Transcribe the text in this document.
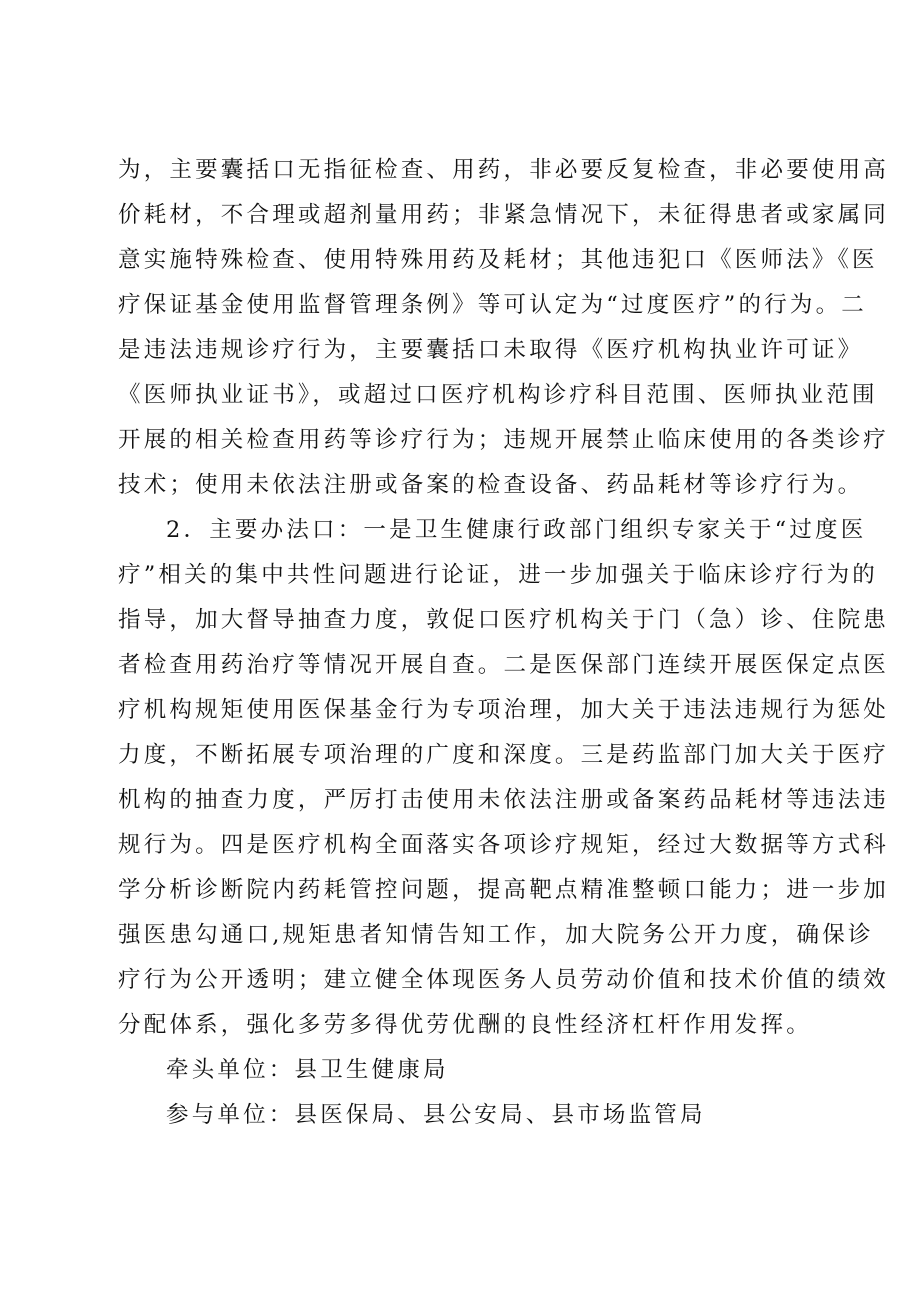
为，主要囊括口无指征检查、用药，非必要反复检查，非必要使用高
价耗材，不合理或超剂量用药；非紧急情况下，未征得患者或家属同
意实施特殊检查、使用特殊用药及耗材；其他违犯口《医师法》《医
疗保证基金使用监督管理条例》等可认定为“过度医疗”的行为。二
是违法违规诊疗行为，主要囊括口未取得《医疗机构执业许可证》
《医师执业证书》，或超过口医疗机构诊疗科目范围、医师执业范围
开展的相关检查用药等诊疗行为；违规开展禁止临床使用的各类诊疗
技术；使用未依法注册或备案的检查设备、药品耗材等诊疗行为。
2．主要办法口：一是卫生健康行政部门组织专家关于“过度医
疗”相关的集中共性问题进行论证，进一步加强关于临床诊疗行为的
指导，加大督导抽查力度，敦促口医疗机构关于门（急）诊、住院患
者检查用药治疗等情况开展自查。二是医保部门连续开展医保定点医
疗机构规矩使用医保基金行为专项治理，加大关于违法违规行为惩处
力度，不断拓展专项治理的广度和深度。三是药监部门加大关于医疗
机构的抽查力度，严厉打击使用未依法注册或备案药品耗材等违法违
规行为。四是医疗机构全面落实各项诊疗规矩，经过大数据等方式科
学分析诊断院内药耗管控问题，提高靶点精准整顿口能力；进一步加
强医患勾通口,规矩患者知情告知工作，加大院务公开力度，确保诊
疗行为公开透明；建立健全体现医务人员劳动价值和技术价值的绩效
分配体系，强化多劳多得优劳优酬的良性经济杠杆作用发挥。
牵头单位：县卫生健康局
参与单位：县医保局、县公安局、县市场监管局
